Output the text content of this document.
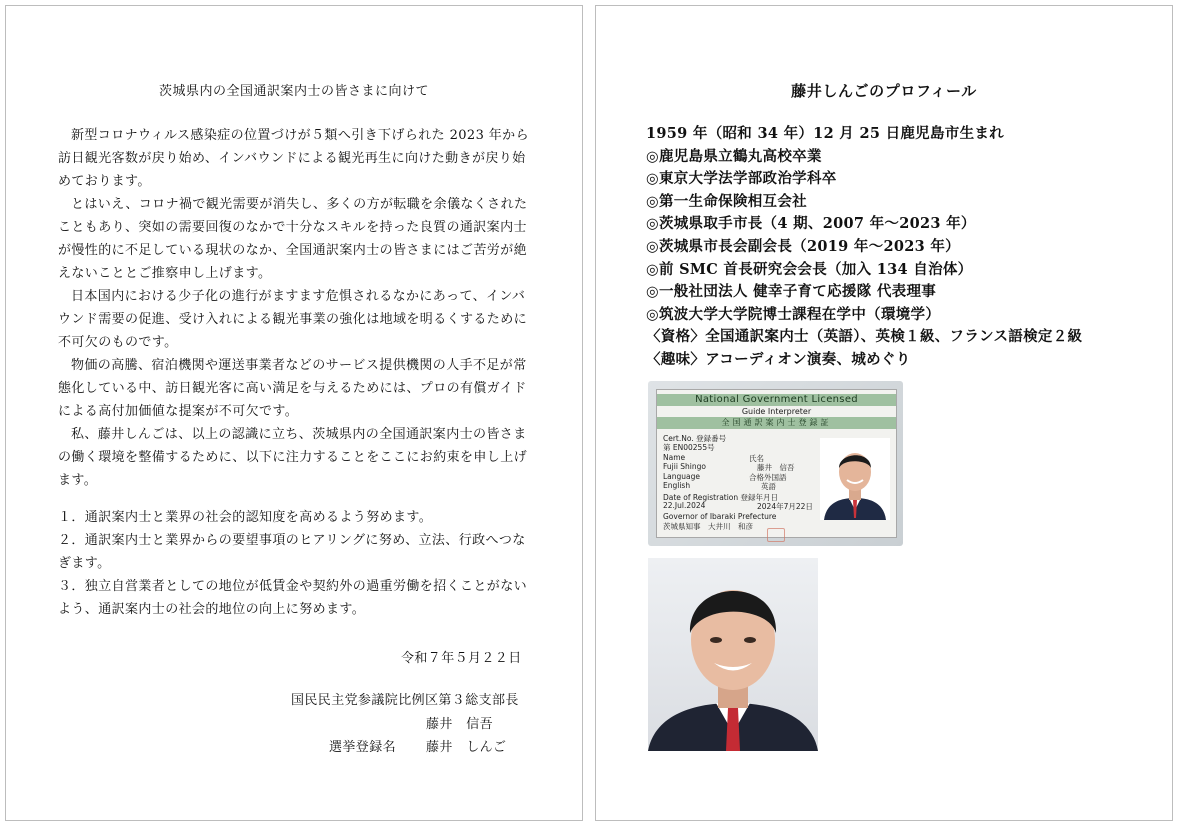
茨城県内の全国通訳案内士の皆さまに向けて

新型コロナウィルス感染症の位置づけが５類へ引き下げられた 2023 年から訪日観光客数が戻り始め、インバウンドによる観光再生に向けた動きが戻り始めております。

とはいえ、コロナ禍で観光需要が消失し、多くの方が転職を余儀なくされたこともあり、突如の需要回復のなかで十分なスキルを持った良質の通訳案内士が慢性的に不足している現状のなか、全国通訳案内士の皆さまにはご苦労が絶えないこととご推察申し上げます。

日本国内における少子化の進行がますます危惧されるなかにあって、インバウンド需要の促進、受け入れによる観光事業の強化は地域を明るくするために不可欠のものです。

物価の高騰、宿泊機関や運送事業者などのサービス提供機関の人手不足が常態化している中、訪日観光客に高い満足を与えるためには、プロの有償ガイドによる高付加価値な提案が不可欠です。

私、藤井しんごは、以上の認識に立ち、茨城県内の全国通訳案内士の皆さまの働く環境を整備するために、以下に注力することをここにお約束を申し上げます。

１．通訳案内士と業界の社会的認知度を高めるよう努めます。

２．通訳案内士と業界からの要望事項のヒアリングに努め、立法、行政へつなぎます。

３．独立自営業者としての地位が低賃金や契約外の過重労働を招くことがないよう、通訳案内士の社会的地位の向上に努めます。

令和７年５月２２日
国民民主党参議院比例区第３総支部長
藤井　信吾
選挙登録名 藤井　しんご
藤井しんごのプロフィール
1959 年（昭和 34 年）12 月 25 日鹿児島市生まれ
◎鹿児島県立鶴丸高校卒業
◎東京大学法学部政治学科卒
◎第一生命保険相互会社
◎茨城県取手市長（4 期、2007 年～2023 年）
◎茨城県市長会副会長（2019 年～2023 年）
◎前 SMC 首長研究会会長（加入 134 自治体）
◎一般社団法人 健幸子育て応援隊 代表理事
◎筑波大学大学院博士課程在学中（環境学）
〈資格〉全国通訳案内士（英語）、英検１級、フランス語検定２級
〈趣味〉アコーディオン演奏、城めぐり
National Government Licensed
Guide Interpreter
全国通訳案内士登録証
Cert.No. 登録番号
第 EN00255号
Name	氏名
Fujii Shingo	藤井　信吾
Language	合格外国語
English	英語
Date of Registration 登録年月日
22.Jul.2024	2024年7月22日
Governor of Ibaraki Prefecture
茨城県知事　大井川　和彦
